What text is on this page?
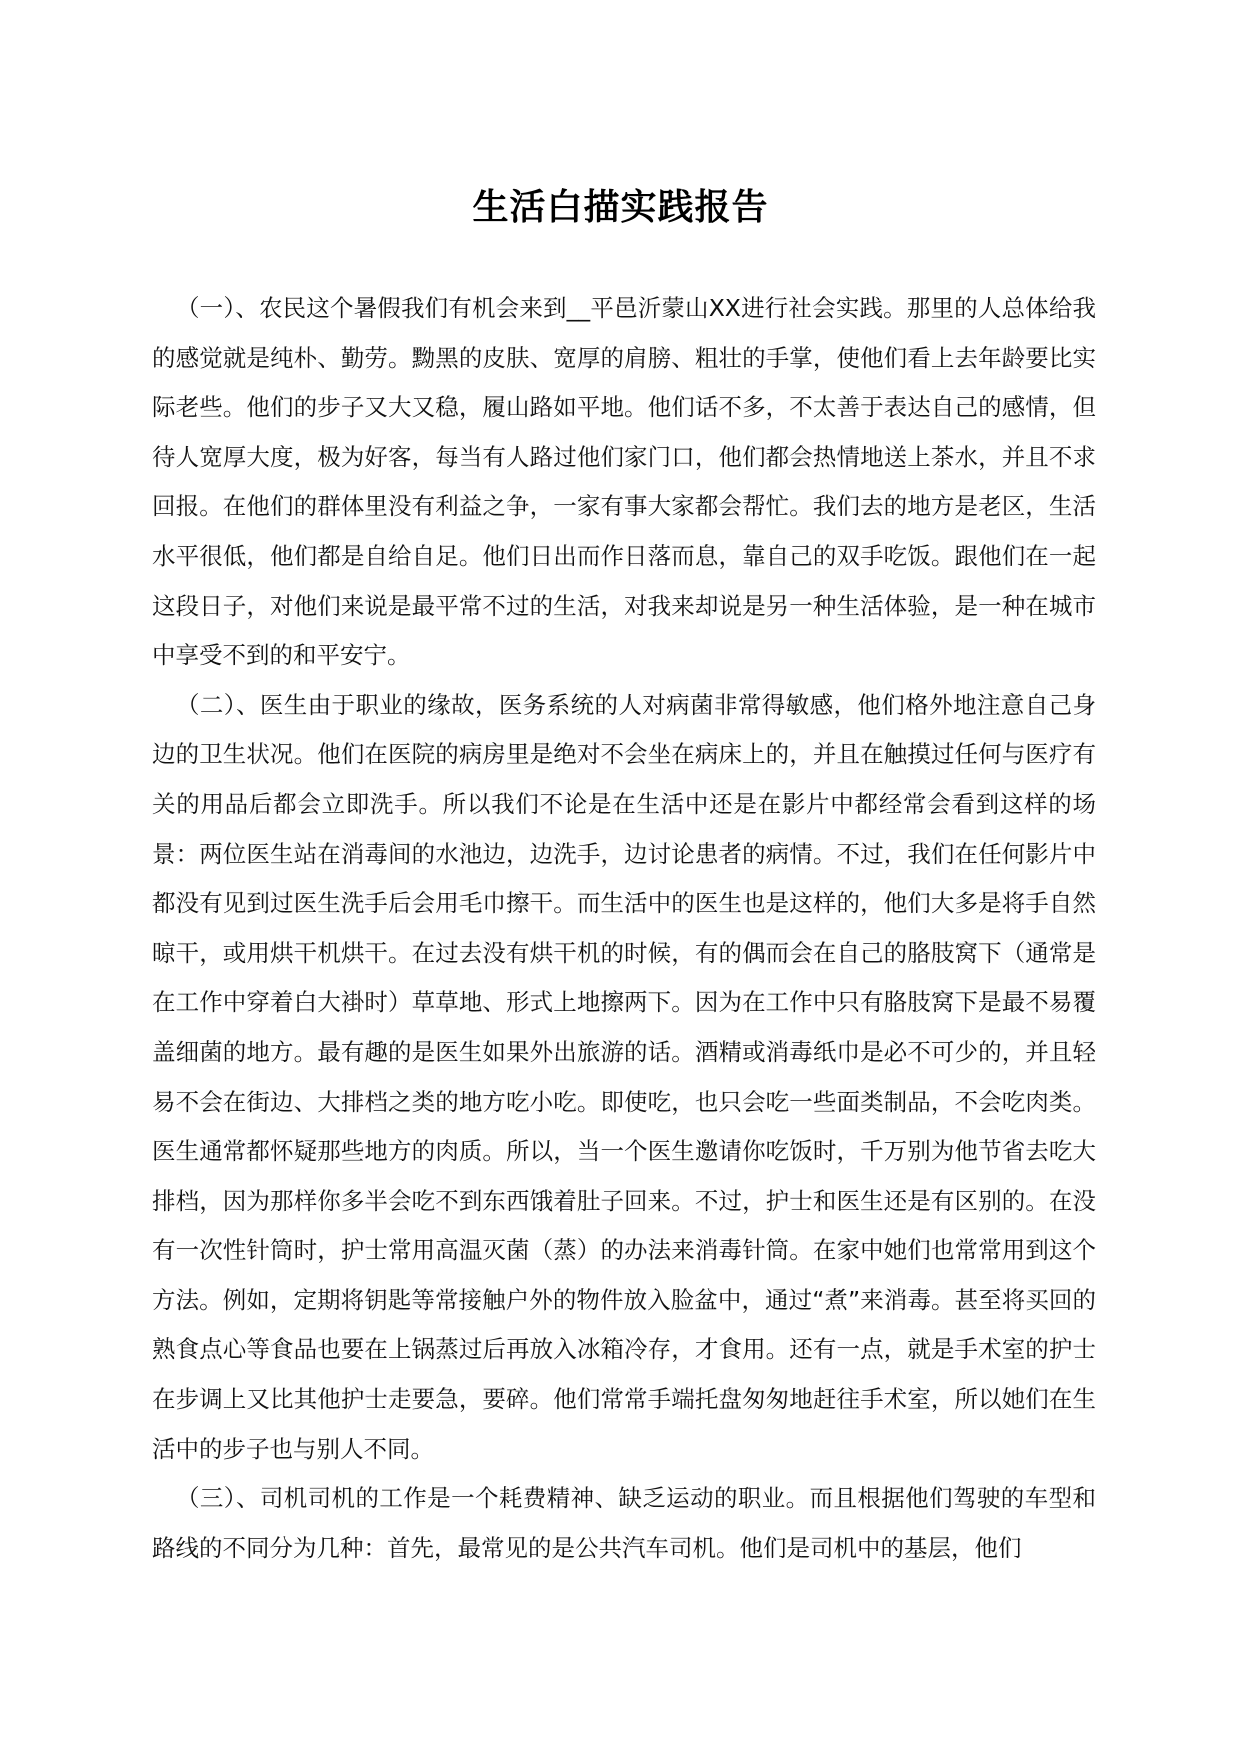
生活白描实践报告

（一）、农民这个暑假我们有机会来到__平邑沂蒙山XX进行社会实践。那里的人总体给我的感觉就是纯朴、勤劳。黝黑的皮肤、宽厚的肩膀、粗壮的手掌，使他们看上去年龄要比实际老些。他们的步子又大又稳，履山路如平地。他们话不多，不太善于表达自己的感情，但待人宽厚大度，极为好客，每当有人路过他们家门口，他们都会热情地送上茶水，并且不求回报。在他们的群体里没有利益之争，一家有事大家都会帮忙。我们去的地方是老区，生活水平很低，他们都是自给自足。他们日出而作日落而息，靠自己的双手吃饭。跟他们在一起这段日子，对他们来说是最平常不过的生活，对我来却说是另一种生活体验，是一种在城市中享受不到的和平安宁。

（二）、医生由于职业的缘故，医务系统的人对病菌非常得敏感，他们格外地注意自己身边的卫生状况。他们在医院的病房里是绝对不会坐在病床上的，并且在触摸过任何与医疗有关的用品后都会立即洗手。所以我们不论是在生活中还是在影片中都经常会看到这样的场景：两位医生站在消毒间的水池边，边洗手，边讨论患者的病情。不过，我们在任何影片中都没有见到过医生洗手后会用毛巾擦干。而生活中的医生也是这样的，他们大多是将手自然晾干，或用烘干机烘干。在过去没有烘干机的时候，有的偶而会在自己的胳肢窝下（通常是在工作中穿着白大褂时）草草地、形式上地擦两下。因为在工作中只有胳肢窝下是最不易覆盖细菌的地方。最有趣的是医生如果外出旅游的话。酒精或消毒纸巾是必不可少的，并且轻易不会在街边、大排档之类的地方吃小吃。即使吃，也只会吃一些面类制品，不会吃肉类。医生通常都怀疑那些地方的肉质。所以，当一个医生邀请你吃饭时，千万别为他节省去吃大排档，因为那样你多半会吃不到东西饿着肚子回来。不过，护士和医生还是有区别的。在没有一次性针筒时，护士常用高温灭菌（蒸）的办法来消毒针筒。在家中她们也常常用到这个方法。例如，定期将钥匙等常接触户外的物件放入脸盆中，通过“煮”来消毒。甚至将买回的熟食点心等食品也要在上锅蒸过后再放入冰箱冷存，才食用。还有一点，就是手术室的护士在步调上又比其他护士走要急，要碎。他们常常手端托盘匆匆地赶往手术室，所以她们在生活中的步子也与别人不同。

（三）、司机司机的工作是一个耗费精神、缺乏运动的职业。而且根据他们驾驶的车型和路线的不同分为几种：首先，最常见的是公共汽车司机。他们是司机中的基层，他们
